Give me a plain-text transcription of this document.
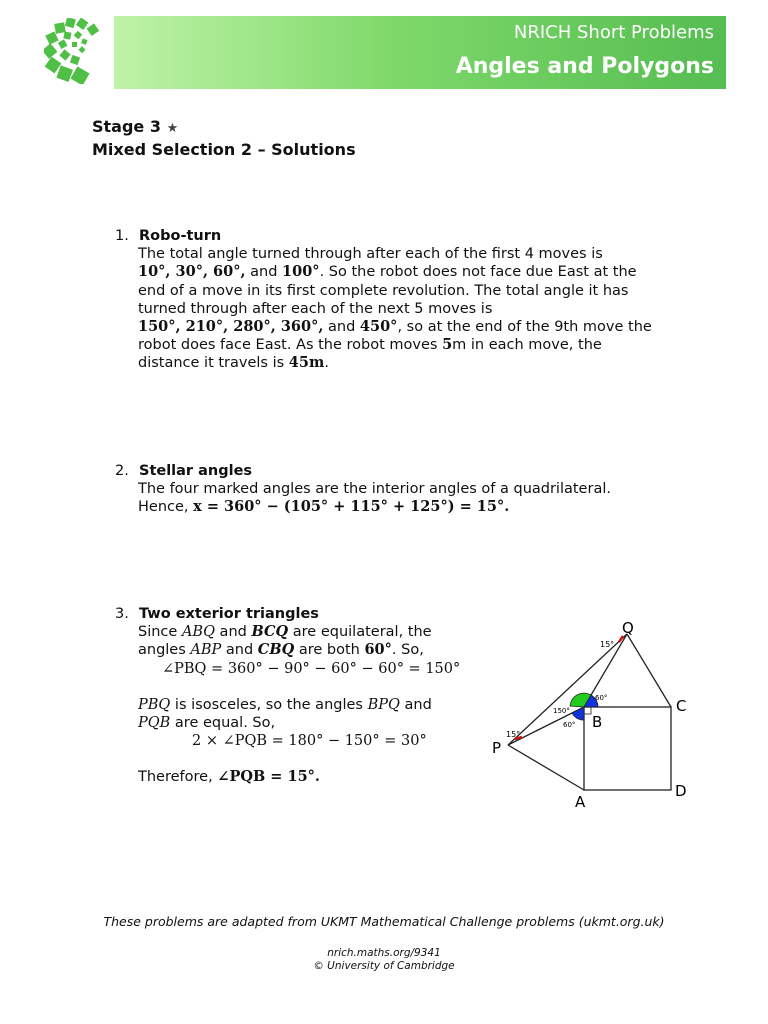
NRICH Short Problems
Angles and Polygons
Stage 3 ★
Mixed Selection 2 – Solutions
1. Robo-turn
The total angle turned through after each of the first 4 moves is
10°, 30°, 60°, and 100°. So the robot does not face due East at the
end of a move in its first complete revolution. The total angle it has
turned through after each of the next 5 moves is
150°, 210°, 280°, 360°, and 450°, so at the end of the 9th move the
robot does face East. As the robot moves 5m in each move, the
distance it travels is 45m.
2. Stellar angles
The four marked angles are the interior angles of a quadrilateral.
Hence, x = 360° − (105° + 115° + 125°) = 15°.
3. Two exterior triangles
Since ABQ and BCQ are equilateral, the
angles ABP and CBQ are both 60°. So,
∠PBQ = 360° − 90° − 60° − 60° = 150°
PBQ is isosceles, so the angles BPQ and
PQB are equal. So,
2 × ∠PQB = 180° − 150° = 30°
Therefore, ∠PQB = 15°.
Q
C
B
P
A
D
15°
15°
150°
60°
60°
These problems are adapted from UKMT Mathematical Challenge problems (ukmt.org.uk)
nrich.maths.org/9341
© University of Cambridge
